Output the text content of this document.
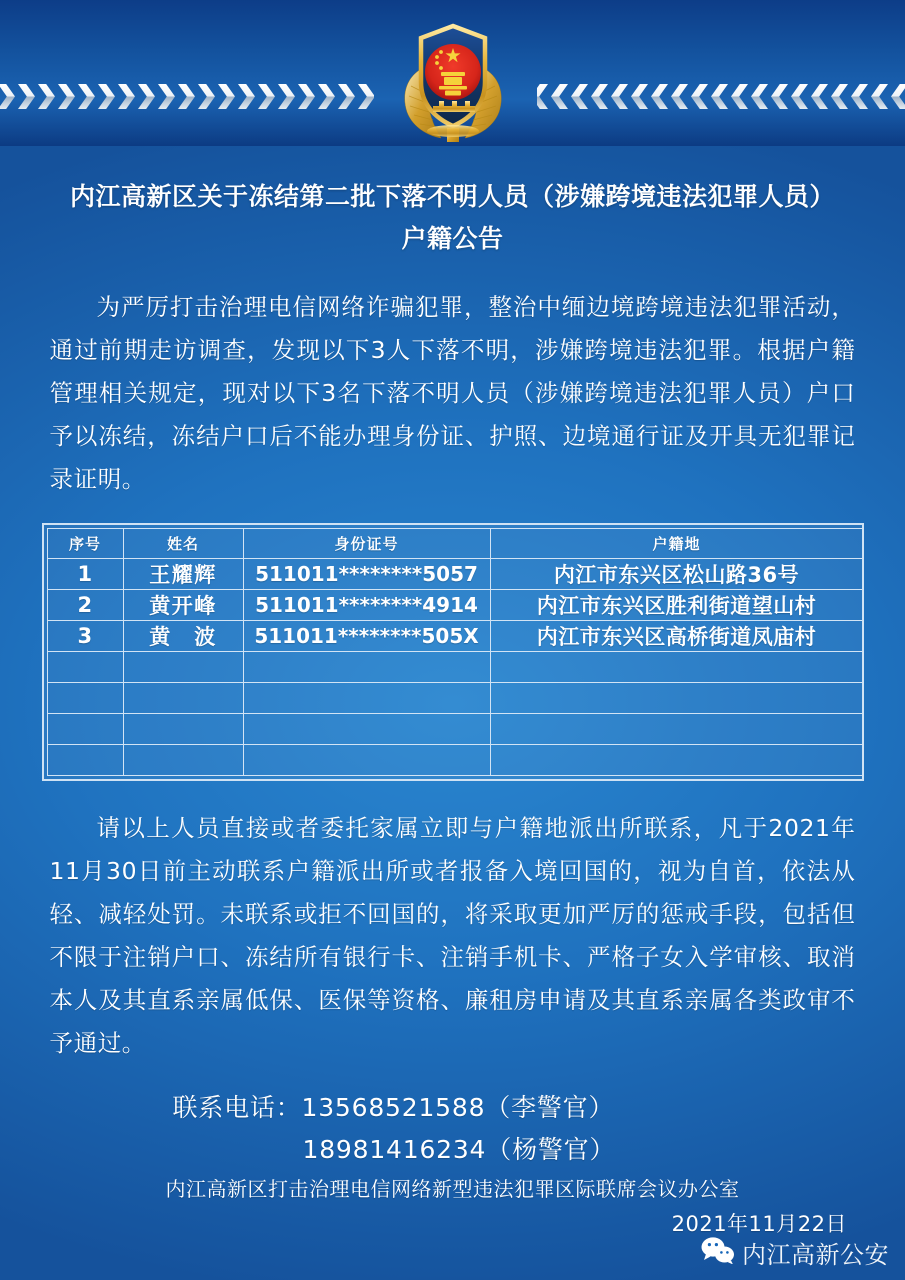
内江高新区关于冻结第二批下落不明人员（涉嫌跨境违法犯罪人员）
户籍公告
为严厉打击治理电信网络诈骗犯罪，整治中缅边境跨境违法犯罪活动，通过前期走访调查，发现以下3人下落不明，涉嫌跨境违法犯罪。根据户籍管理相关规定，现对以下3名下落不明人员（涉嫌跨境违法犯罪人员）户口予以冻结，冻结户口后不能办理身份证、护照、边境通行证及开具无犯罪记录证明。
序号	姓名	身份证号	户籍地
1	王耀辉	511011********5057	内江市东兴区松山路36号
2	黄开峰	511011********4914	内江市东兴区胜利街道望山村
3	黄　波	511011********505X	内江市东兴区高桥街道凤庙村

请以上人员直接或者委托家属立即与户籍地派出所联系，凡于2021年11月30日前主动联系户籍派出所或者报备入境回国的，视为自首，依法从轻、减轻处罚。未联系或拒不回国的，将采取更加严厉的惩戒手段，包括但不限于注销户口、冻结所有银行卡、注销手机卡、严格子女入学审核、取消本人及其直系亲属低保、医保等资格、廉租房申请及其直系亲属各类政审不予通过。
联系电话：13568521588（李警官）
18981416234（杨警官）
内江高新区打击治理电信网络新型违法犯罪区际联席会议办公室
2021年11月22日
内江高新公安
